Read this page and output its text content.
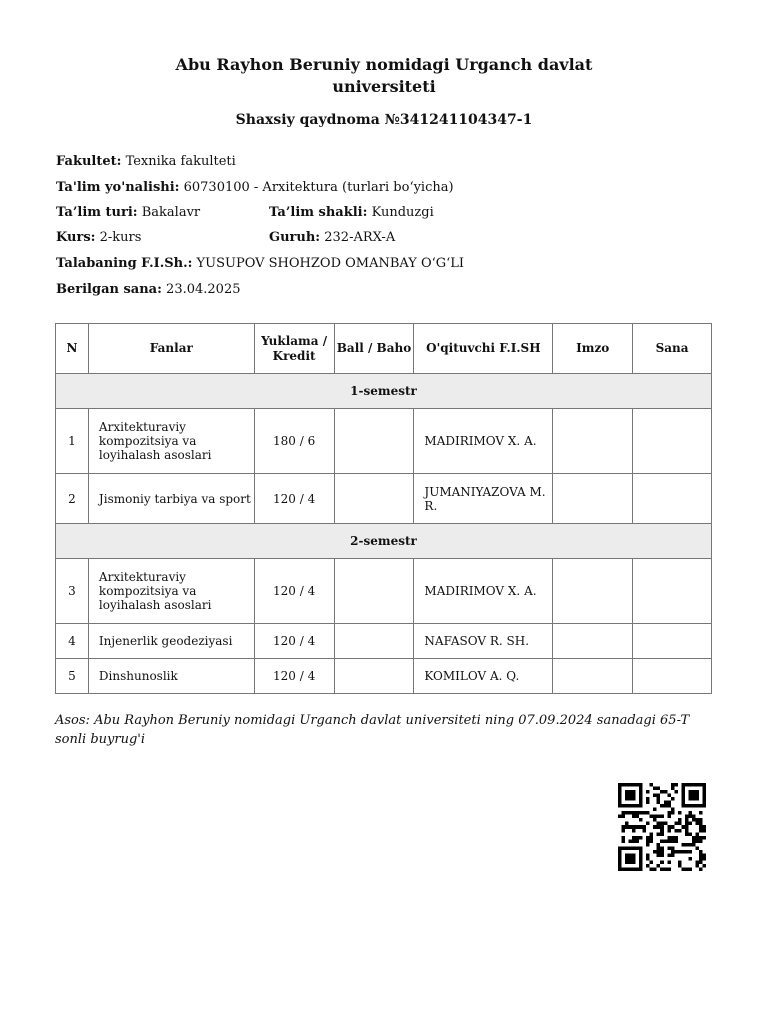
Abu Rayhon Beruniy nomidagi Urganch davlat
universiteti
Shaxsiy qaydnoma №341241104347-1
Fakultet: Texnika fakulteti
Ta'lim yo'nalishi: 60730100 - Arxitektura (turlari bo‘yicha)
Ta’lim turi: Bakalavr	Ta’lim shakli: Kunduzgi
Kurs: 2-kurs	Guruh: 232-ARX-A
Talabaning F.I.Sh.: YUSUPOV SHOHZOD OMANBAY O‘G‘LI
Berilgan sana: 23.04.2025
N	Fanlar	Yuklama / Kredit	Ball / Baho	O'qituvchi F.I.SH	Imzo	Sana
1-semestr						
1	Arxitekturaviy kompozitsiya va loyihalash asoslari	180 / 6		MADIRIMOV X. A.		
2	Jismoniy tarbiya va sport	120 / 4		JUMANIYAZOVA M. R.		
2-semestr						
3	Arxitekturaviy kompozitsiya va loyihalash asoslari	120 / 4		MADIRIMOV X. A.		
4	Injenerlik geodeziyasi	120 / 4		NAFASOV R. SH.		
5	Dinshunoslik	120 / 4		KOMILOV A. Q.		
Asos: Abu Rayhon Beruniy nomidagi Urganch davlat universiteti ning 07.09.2024 sanadagi 65-T sonli buyrug'i
